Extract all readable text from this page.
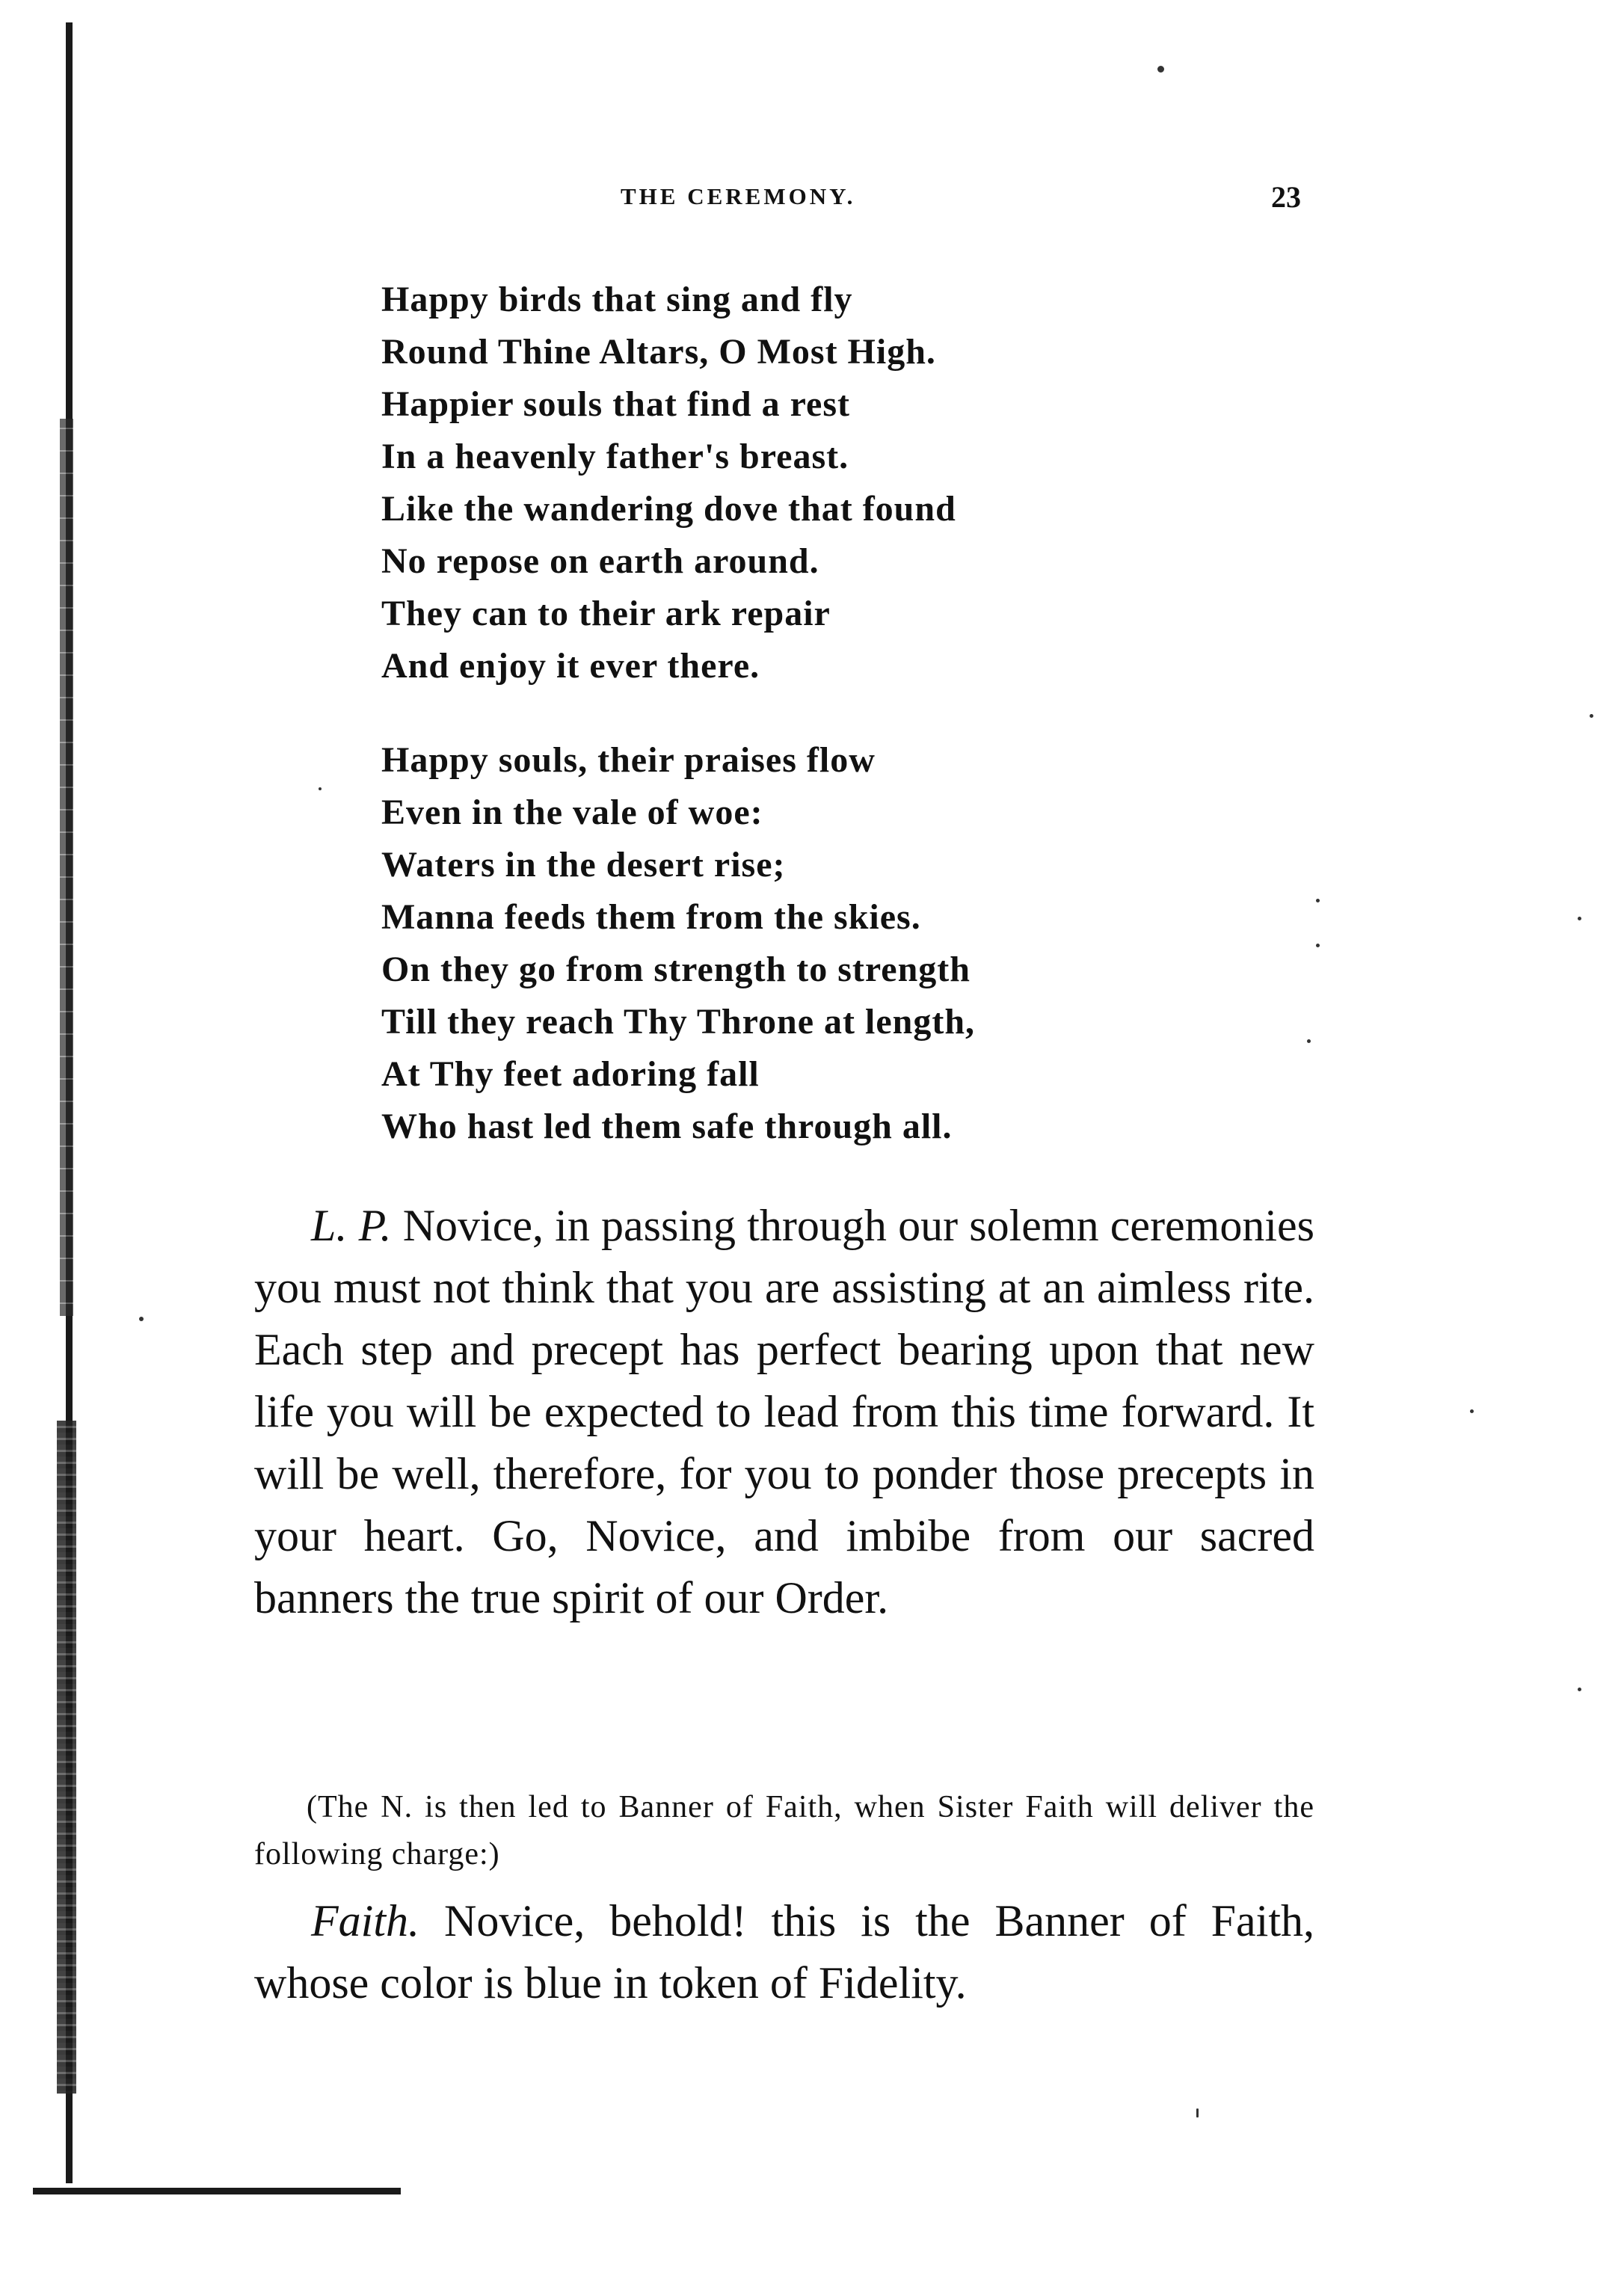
THE CEREMONY.	23
Happy birds that sing and fly
Round Thine Altars, O Most High.
Happier souls that find a rest
In a heavenly father's breast.
Like the wandering dove that found
No repose on earth around.
They can to their ark repair
And enjoy it ever there.
Happy souls, their praises flow
Even in the vale of woe:
Waters in the desert rise;
Manna feeds them from the skies.
On they go from strength to strength
Till they reach Thy Throne at length,
At Thy feet adoring fall
Who hast led them safe through all.

L. P. Novice, in passing through our solemn ceremonies you must not think that you are assisting at an aimless rite. Each step and precept has perfect bearing upon that new life you will be expected to lead from this time forward. It will be well, therefore, for you to ponder those precepts in your heart. Go, Novice, and imbibe from our sacred banners the true spirit of our Order.

(The N. is then led to Banner of Faith, when Sister Faith will deliver the following charge:)

Faith. Novice, behold! this is the Banner of Faith, whose color is blue in token of Fidelity.
